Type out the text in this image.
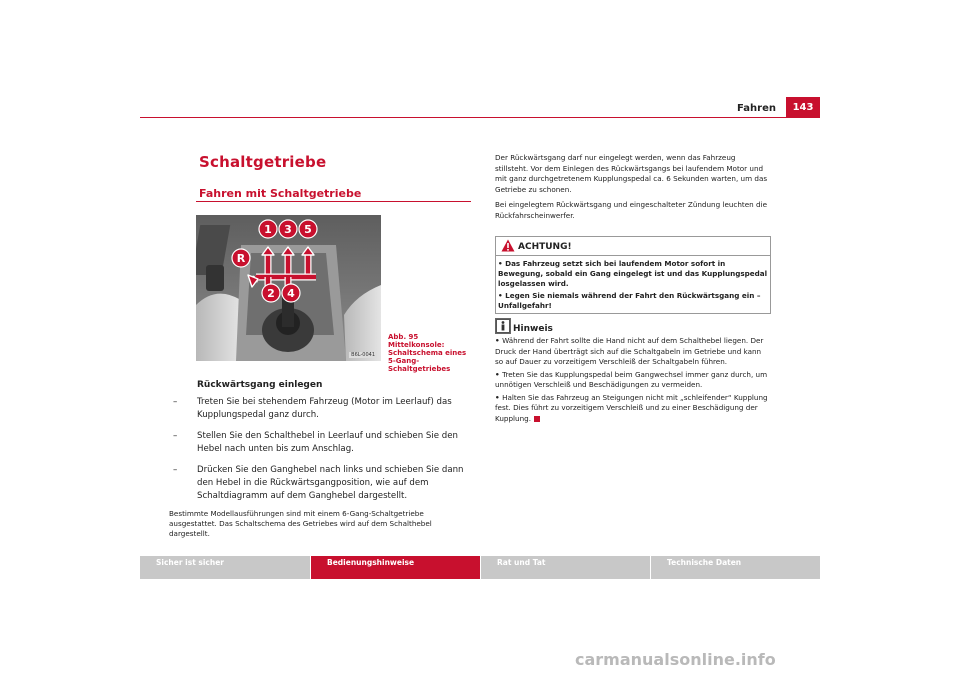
Fahren	143
Schaltgetriebe
Fahren mit Schaltgetriebe
1 3 5
R
2 4
B6L-0041
Abb. 95 Mittelkonsole: Schaltschema eines 5-Gang-Schaltgetriebes
Rückwärtsgang einlegen
– Treten Sie bei stehendem Fahrzeug (Motor im Leerlauf) das Kupplungspedal ganz durch.
– Stellen Sie den Schalthebel in Leerlauf und schieben Sie den Hebel nach unten bis zum Anschlag.
– Drücken Sie den Ganghebel nach links und schieben Sie dann den Hebel in die Rückwärtsgangposition, wie auf dem Schaltdiagramm auf dem Ganghebel dargestellt.
Bestimmte Modellausführungen sind mit einem 6-Gang-Schaltgetriebe ausgestattet. Das Schaltschema des Getriebes wird auf dem Schalthebel dargestellt.

Der Rückwärtsgang darf nur eingelegt werden, wenn das Fahrzeug stillsteht. Vor dem Einlegen des Rückwärtsgangs bei laufendem Motor und mit ganz durchgetretenem Kupplungspedal ca. 6 Sekunden warten, um das Getriebe zu schonen.

Bei eingelegtem Rückwärtsgang und eingeschalteter Zündung leuchten die Rückfahrscheinwerfer.

ACHTUNG!
• Das Fahrzeug setzt sich bei laufendem Motor sofort in Bewegung, sobald ein Gang eingelegt ist und das Kupplungspedal losgelassen wird.
• Legen Sie niemals während der Fahrt den Rückwärtsgang ein – Unfallgefahr!
Hinweis
• Während der Fahrt sollte die Hand nicht auf dem Schalthebel liegen. Der Druck der Hand überträgt sich auf die Schaltgabeln im Getriebe und kann so auf Dauer zu vorzeitigem Verschleiß der Schaltgabeln führen.
• Treten Sie das Kupplungspedal beim Gangwechsel immer ganz durch, um unnötigen Verschleiß und Beschädigungen zu vermeiden.
• Halten Sie das Fahrzeug an Steigungen nicht mit „schleifender“ Kupplung fest. Dies führt zu vorzeitigem Verschleiß und zu einer Beschädigung der Kupplung.
Sicher ist sicher	Bedienungshinweise	Rat und Tat	Technische Daten
carmanualsonline.info
